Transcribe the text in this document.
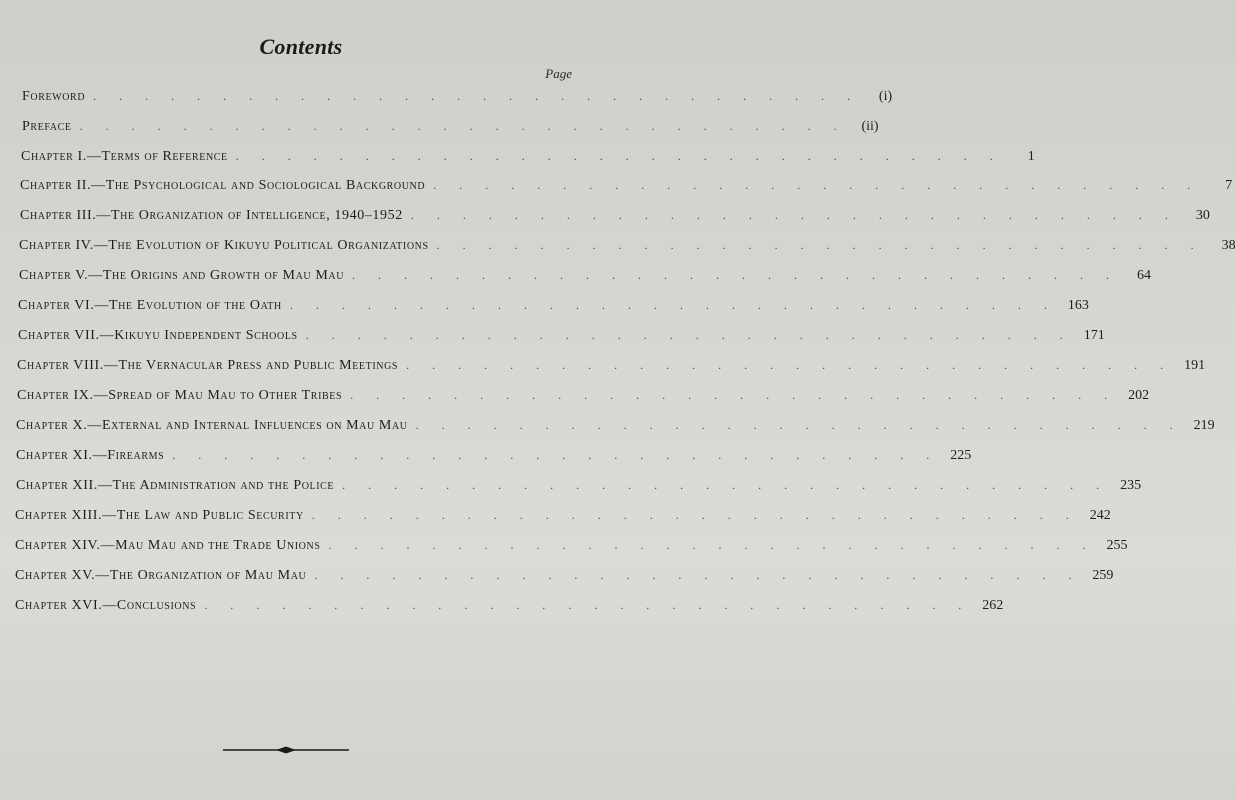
Contents
Page
Foreword . . . . . . . . . . . . . . . . . . . . . . . . . . . . . .	(i)
Preface . . . . . . . . . . . . . . . . . . . . . . . . . . . . . .	(ii)
Chapter I.—Terms of Reference . . . . . . . . . . . . . . . . . . . . . . . . . . . . . .	1
Chapter II.—The Psychological and Sociological Background . . . . . . . . . . . . . . . . . . . . . . . . . . . . . .	7
Chapter III.—The Organization of Intelligence, 1940–1952 . . . . . . . . . . . . . . . . . . . . . . . . . . . . . .	30
Chapter IV.—The Evolution of Kikuyu Political Organizations . . . . . . . . . . . . . . . . . . . . . . . . . . . . . .	38
Chapter V.—The Origins and Growth of Mau Mau . . . . . . . . . . . . . . . . . . . . . . . . . . . . . .	64
Chapter VI.—The Evolution of the Oath . . . . . . . . . . . . . . . . . . . . . . . . . . . . . . 163
Chapter VII.—Kikuyu Independent Schools . . . . . . . . . . . . . . . . . . . . . . . . . . . . . . 171
Chapter VIII.—The Vernacular Press and Public Meetings . . . . . . . . . . . . . . . . . . . . . . . . . . . . . . 191
Chapter IX.—Spread of Mau Mau to Other Tribes . . . . . . . . . . . . . . . . . . . . . . . . . . . . . . 202
Chapter X.—External and Internal Influences on Mau Mau . . . . . . . . . . . . . . . . . . . . . . . . . . . . . . 219
Chapter XI.—Firearms . . . . . . . . . . . . . . . . . . . . . . . . . . . . . . 225
Chapter XII.—The Administration and the Police . . . . . . . . . . . . . . . . . . . . . . . . . . . . . . 235
Chapter XIII.—The Law and Public Security . . . . . . . . . . . . . . . . . . . . . . . . . . . . . . 242
Chapter XIV.—Mau Mau and the Trade Unions . . . . . . . . . . . . . . . . . . . . . . . . . . . . . . 255
Chapter XV.—The Organization of Mau Mau . . . . . . . . . . . . . . . . . . . . . . . . . . . . . . 259
Chapter XVI.—Conclusions . . . . . . . . . . . . . . . . . . . . . . . . . . . . . . 262
